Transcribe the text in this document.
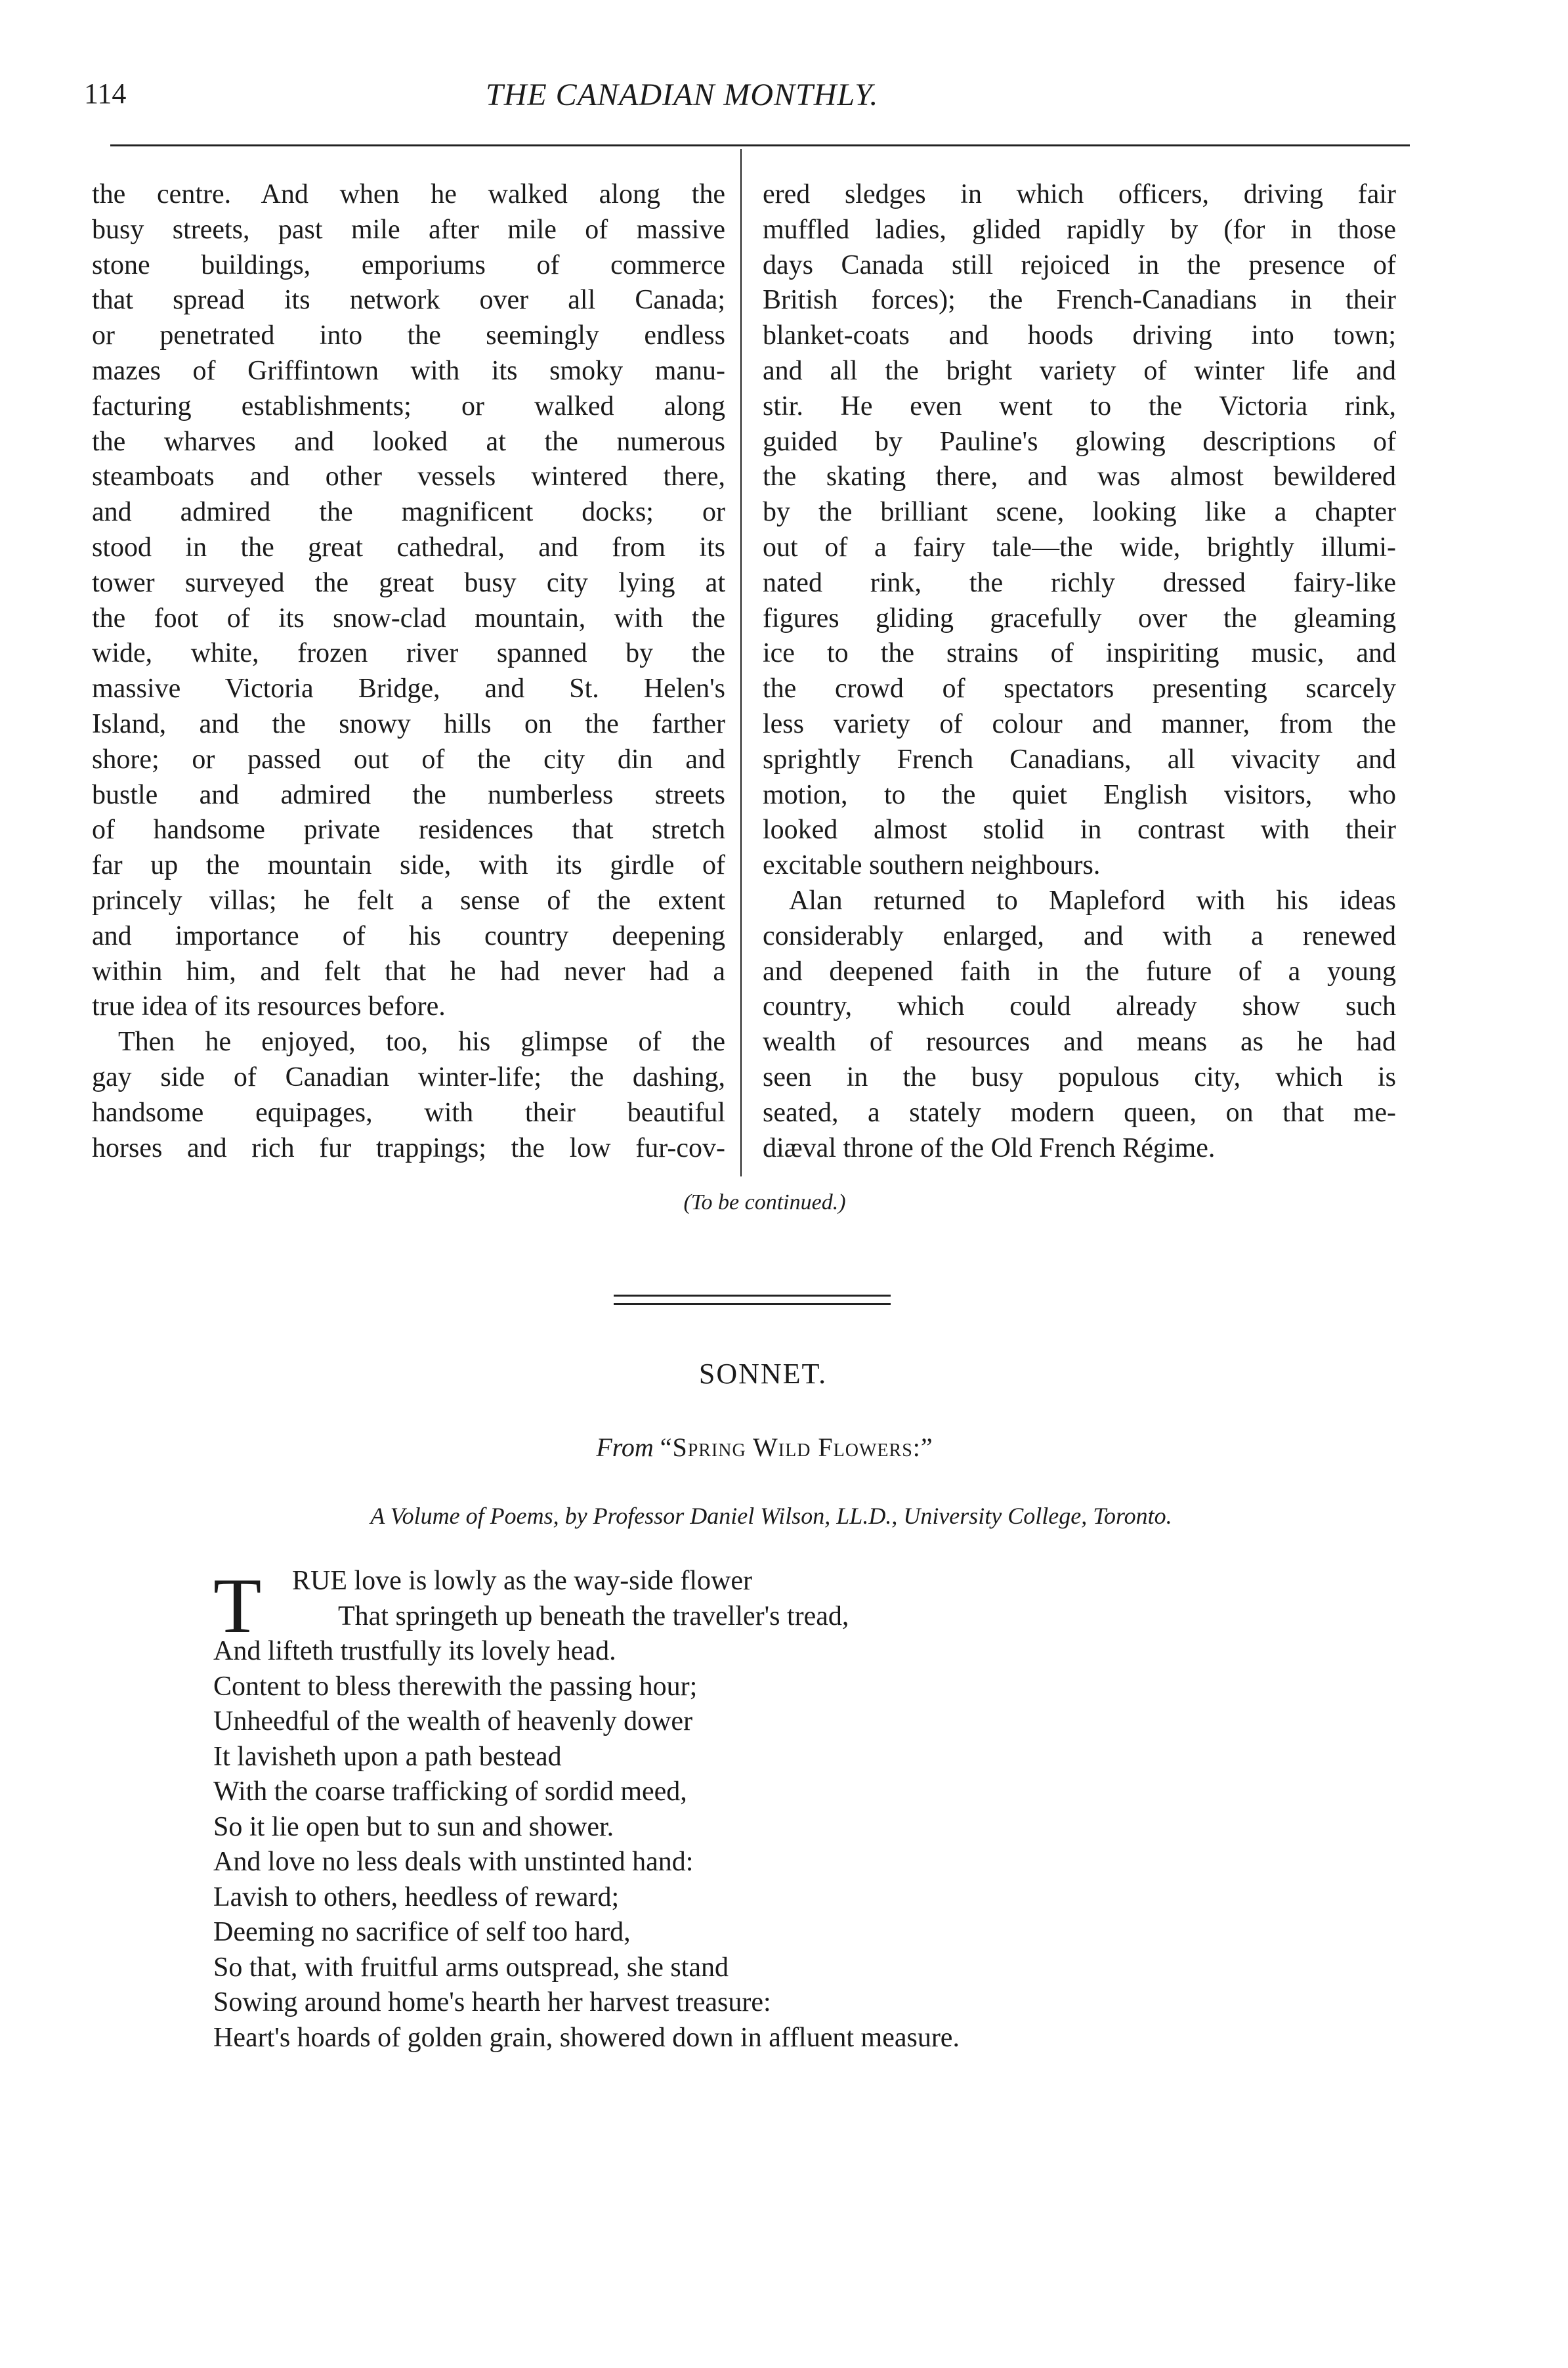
114	THE CANADIAN MONTHLY.
the centre. And when he walked along the
busy streets, past mile after mile of massive
stone buildings, emporiums of commerce
that spread its network over all Canada;
or penetrated into the seemingly endless
mazes of Griffintown with its smoky manu-
facturing establishments; or walked along
the wharves and looked at the numerous
steamboats and other vessels wintered there,
and admired the magnificent docks; or
stood in the great cathedral, and from its
tower surveyed the great busy city lying at
the foot of its snow-clad mountain, with the
wide, white, frozen river spanned by the
massive Victoria Bridge, and St. Helen's
Island, and the snowy hills on the farther
shore; or passed out of the city din and
bustle and admired the numberless streets
of handsome private residences that stretch
far up the mountain side, with its girdle of
princely villas; he felt a sense of the extent
and importance of his country deepening
within him, and felt that he had never had a
true idea of its resources before.
Then he enjoyed, too, his glimpse of the
gay side of Canadian winter-life; the dashing,
handsome equipages, with their beautiful
horses and rich fur trappings; the low fur-cov-
ered sledges in which officers, driving fair
muffled ladies, glided rapidly by (for in those
days Canada still rejoiced in the presence of
British forces); the French-Canadians in their
blanket-coats and hoods driving into town;
and all the bright variety of winter life and
stir. He even went to the Victoria rink,
guided by Pauline's glowing descriptions of
the skating there, and was almost bewildered
by the brilliant scene, looking like a chapter
out of a fairy tale—the wide, brightly illumi-
nated rink, the richly dressed fairy-like
figures gliding gracefully over the gleaming
ice to the strains of inspiriting music, and
the crowd of spectators presenting scarcely
less variety of colour and manner, from the
sprightly French Canadians, all vivacity and
motion, to the quiet English visitors, who
looked almost stolid in contrast with their
excitable southern neighbours.
Alan returned to Mapleford with his ideas
considerably enlarged, and with a renewed
and deepened faith in the future of a young
country, which could already show such
wealth of resources and means as he had
seen in the busy populous city, which is
seated, a stately modern queen, on that me-
diæval throne of the Old French Régime.
(To be continued.)
SONNET.
From “Spring Wild Flowers:”
A Volume of Poems, by Professor Daniel Wilson, LL.D., University College, Toronto.
T	RUE love is lowly as the way-side flower
That springeth up beneath the traveller's tread,
And lifteth trustfully its lovely head.
Content to bless therewith the passing hour;
Unheedful of the wealth of heavenly dower
It lavisheth upon a path bestead
With the coarse trafficking of sordid meed,
So it lie open but to sun and shower.
And love no less deals with unstinted hand:
Lavish to others, heedless of reward;
Deeming no sacrifice of self too hard,
So that, with fruitful arms outspread, she stand
Sowing around home's hearth her harvest treasure:
Heart's hoards of golden grain, showered down in affluent measure.
